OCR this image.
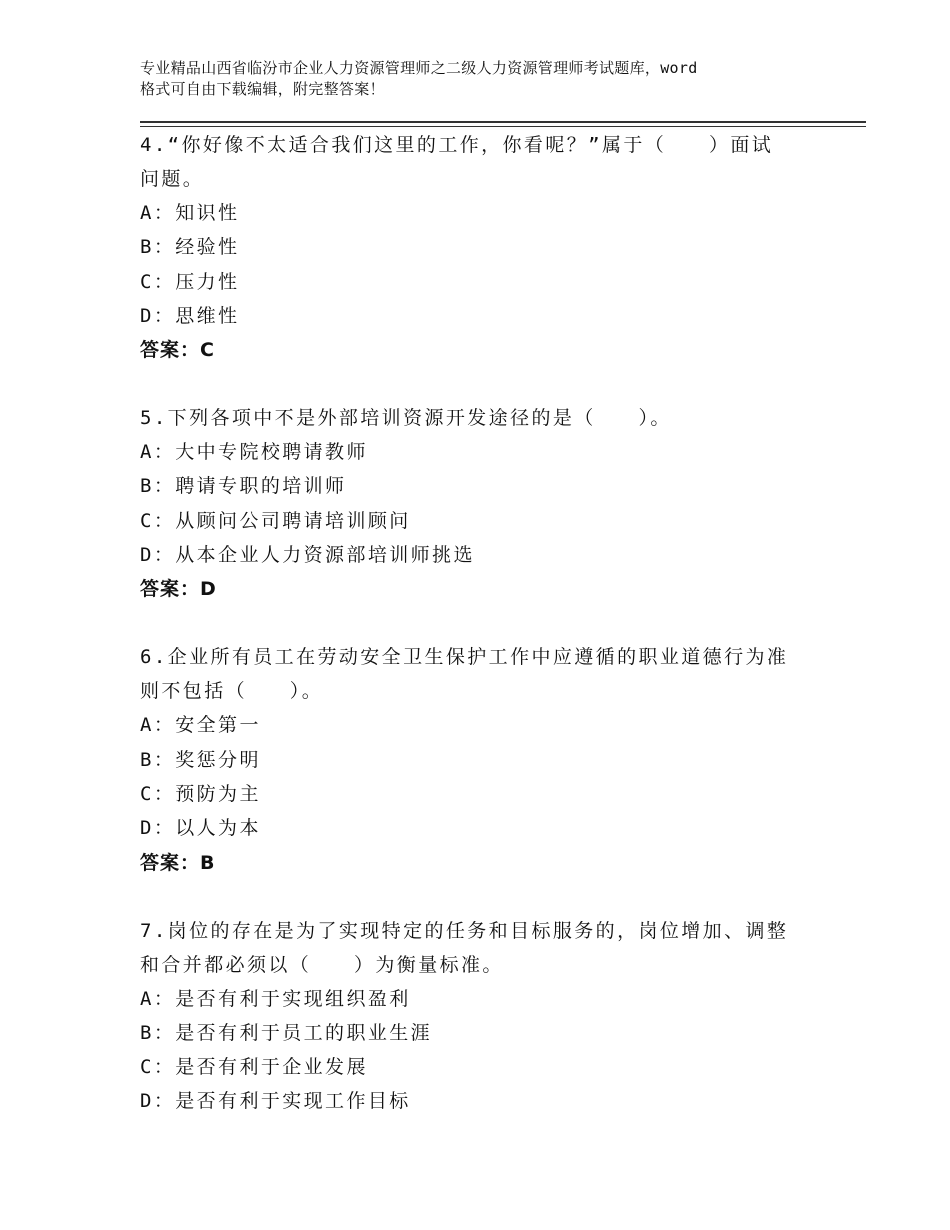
专业精品山西省临汾市企业人力资源管理师之二级人力资源管理师考试题库，word
格式可自由下载编辑，附完整答案！
4.“你好像不太适合我们这里的工作，你看呢？”属于（　　）面试
问题。
A：知识性
B：经验性
C：压力性
D：思维性
答案：C
5.下列各项中不是外部培训资源开发途径的是（　　）。
A：大中专院校聘请教师
B：聘请专职的培训师
C：从顾问公司聘请培训顾问
D：从本企业人力资源部培训师挑选
答案：D
6.企业所有员工在劳动安全卫生保护工作中应遵循的职业道德行为准
则不包括（　　）。
A：安全第一
B：奖惩分明
C：预防为主
D：以人为本
答案：B
7.岗位的存在是为了实现特定的任务和目标服务的，岗位增加、调整
和合并都必须以（　　）为衡量标准。
A：是否有利于实现组织盈利
B：是否有利于员工的职业生涯
C：是否有利于企业发展
D：是否有利于实现工作目标
